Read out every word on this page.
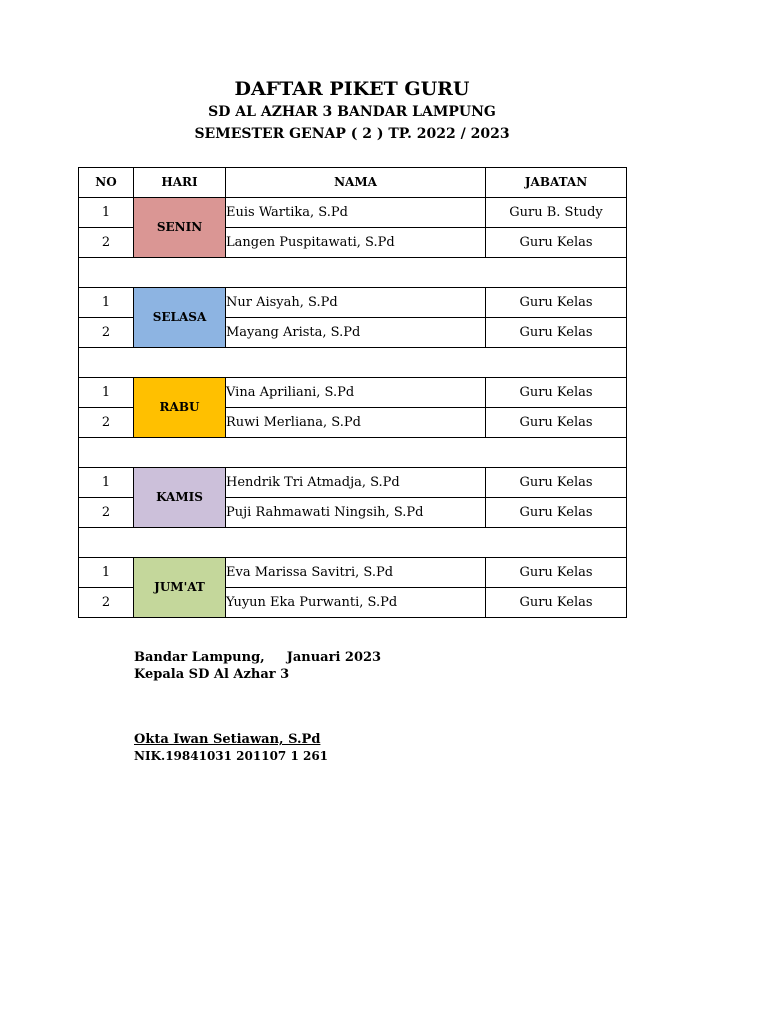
DAFTAR PIKET GURU
SD AL AZHAR 3 BANDAR LAMPUNG
SEMESTER GENAP ( 2 ) TP. 2022 / 2023
NO	HARI	NAMA	JABATAN
1	SENIN	Euis Wartika, S.Pd	Guru B. Study
2		Langen Puspitawati, S.Pd	Guru Kelas

1	SELASA	Nur Aisyah, S.Pd	Guru Kelas
2		Mayang Arista, S.Pd	Guru Kelas

1	RABU	Vina Apriliani, S.Pd	Guru Kelas
2		Ruwi Merliana, S.Pd	Guru Kelas

1	KAMIS	Hendrik Tri Atmadja, S.Pd	Guru Kelas
2		Puji Rahmawati Ningsih, S.Pd	Guru Kelas

1	JUM'AT	Eva Marissa Savitri, S.Pd	Guru Kelas
2		Yuyun Eka Purwanti, S.Pd	Guru Kelas
Bandar Lampung, Januari 2023
Kepala SD Al Azhar 3
Okta Iwan Setiawan, S.Pd
NIK.19841031 201107 1 261
